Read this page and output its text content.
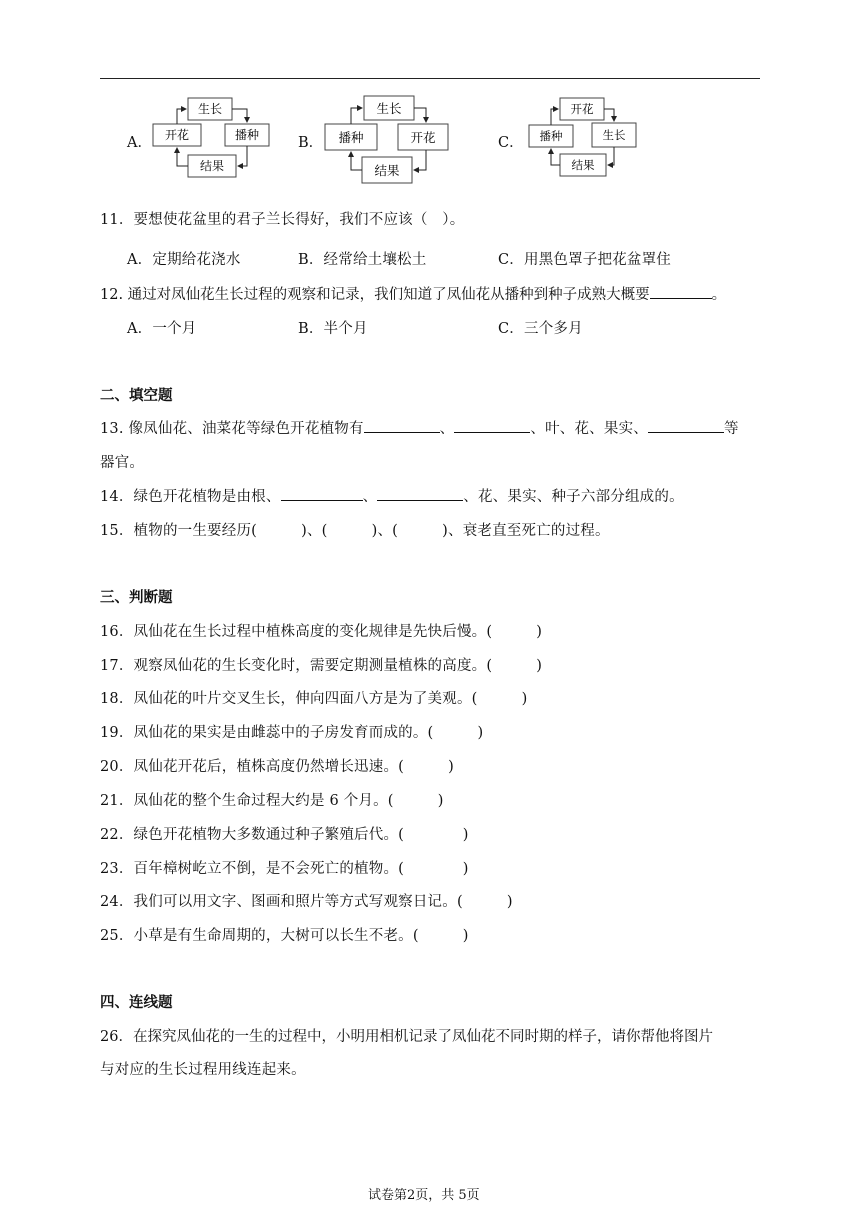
A．
生长
开花	播种
结果
B．
生长
播种	开花
结果
C．
开花
播种	生长
结果
11．要想使花盆里的君子兰长得好，我们不应该（　）。
A．定期给花浇水	B．经常给土壤松土	C．用黑色罩子把花盆罩住
12. 通过对凤仙花生长过程的观察和记录，我们知道了凤仙花从播种到种子成熟大概要	。
A．一个月	B．半个月	C．三个多月
二、填空题
13. 像凤仙花、油菜花等绿色开花植物有	、	、叶、花、果实、	等
器官。
14．绿色开花植物是由根、	、	、花、果实、种子六部分组成的。
15．植物的一生要经历(　　　)、(　　　)、(　　　)、衰老直至死亡的过程。
三、判断题
16．凤仙花在生长过程中植株高度的变化规律是先快后慢。(　　　)
17．观察凤仙花的生长变化时，需要定期测量植株的高度。(　　　)
18．凤仙花的叶片交叉生长，伸向四面八方是为了美观。(　　　)
19．凤仙花的果实是由雌蕊中的子房发育而成的。(　　　)
20．凤仙花开花后，植株高度仍然增长迅速。(　　　)
21．凤仙花的整个生命过程大约是 6 个月。(　　　)
22．绿色开花植物大多数通过种子繁殖后代。(　　　　)
23．百年樟树屹立不倒，是不会死亡的植物。(　　　　)
24．我们可以用文字、图画和照片等方式写观察日记。(　　　)
25．小草是有生命周期的，大树可以长生不老。(　　　)
四、连线题
26．在探究凤仙花的一生的过程中，小明用相机记录了凤仙花不同时期的样子，请你帮他将图片
与对应的生长过程用线连起来。
试卷第2页，共 5页
